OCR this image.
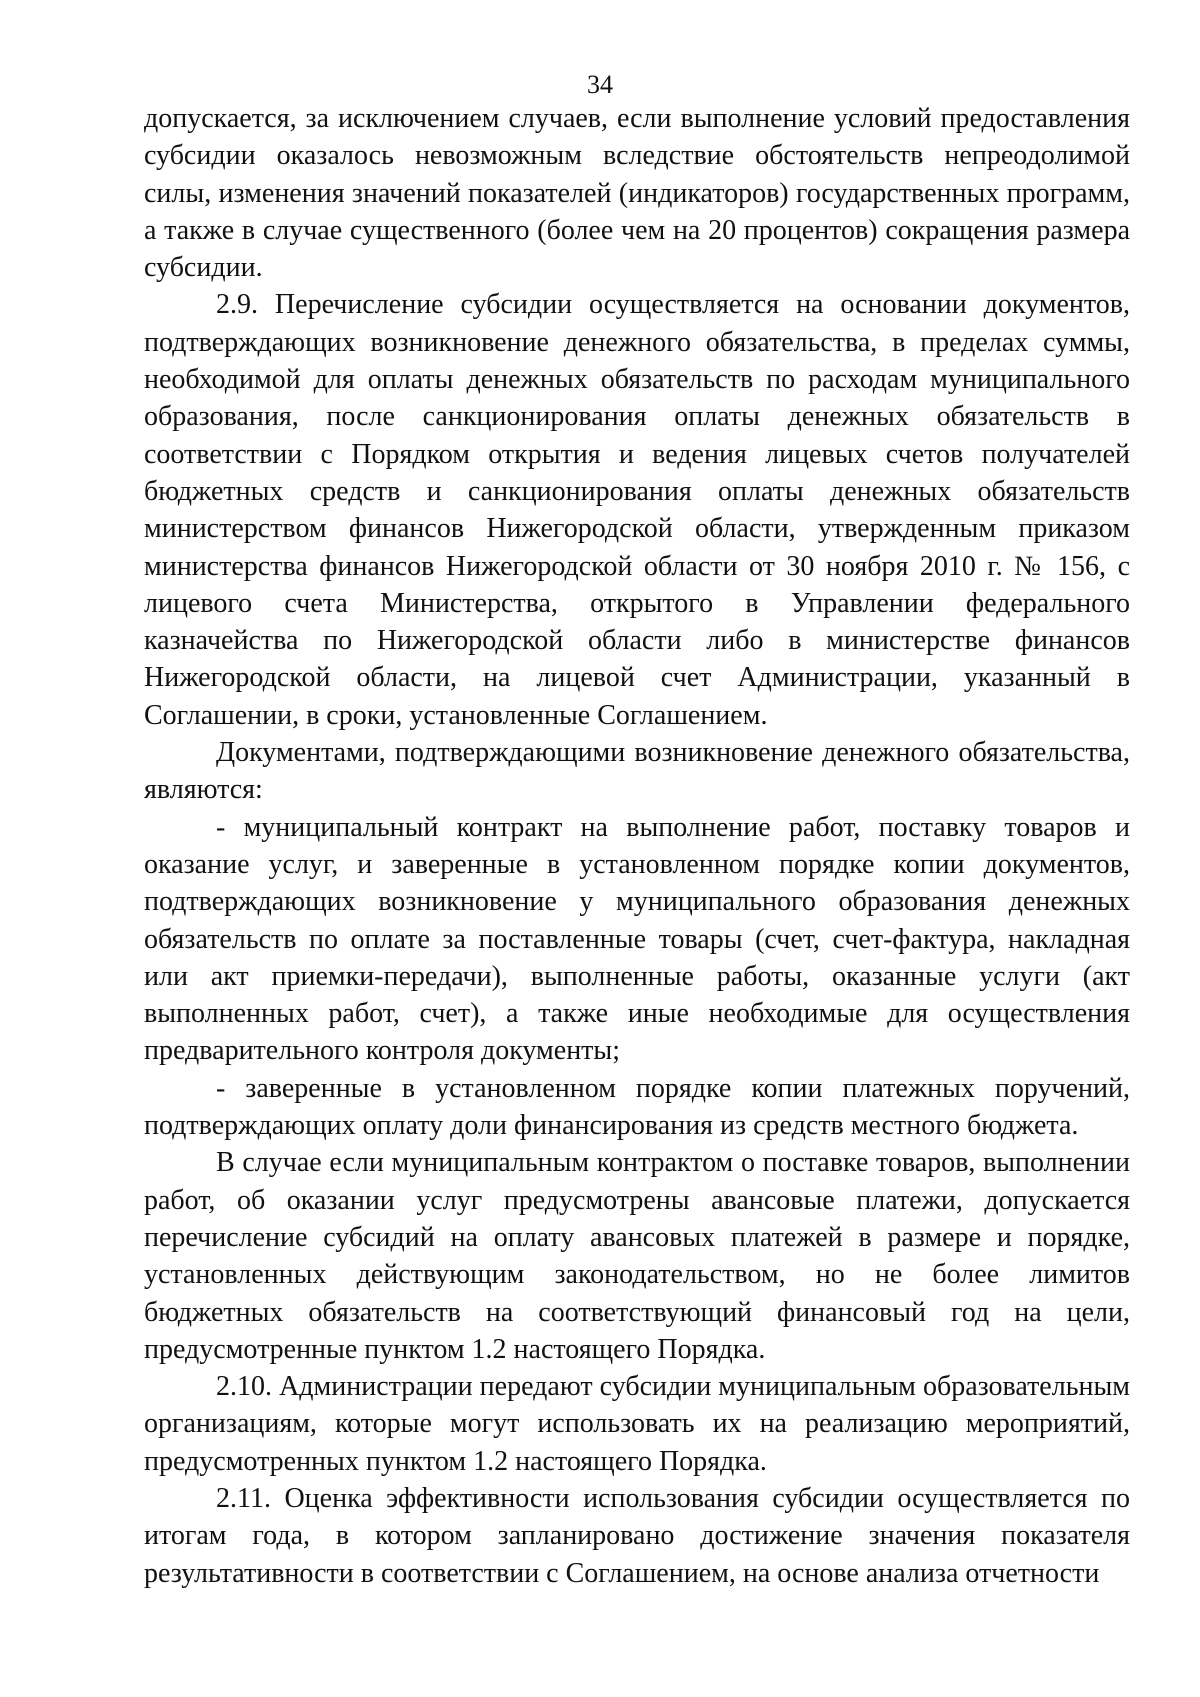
34

допускается, за исключением случаев, если выполнение условий предоставления субсидии оказалось невозможным вследствие обстоятельств непреодолимой силы, изменения значений показателей (индикаторов) государственных программ, а также в случае существенного (более чем на 20 процентов) сокращения размера субсидии.

2.9. Перечисление субсидии осуществляется на основании документов, подтверждающих возникновение денежного обязательства, в пределах суммы, необходимой для оплаты денежных обязательств по расходам муниципального образования, после санкционирования оплаты денежных обязательств в соответствии с Порядком открытия и ведения лицевых счетов получателей бюджетных средств и санкционирования оплаты денежных обязательств министерством финансов Нижегородской области, утвержденным приказом министерства финансов Нижегородской области от 30 ноября 2010 г. № 156, с лицевого счета Министерства, открытого в Управлении федерального казначейства по Нижегородской области либо в министерстве финансов Нижегородской области, на лицевой счет Администрации, указанный в Соглашении, в сроки, установленные Соглашением.

Документами, подтверждающими возникновение денежного обязательства, являются:

- муниципальный контракт на выполнение работ, поставку товаров и оказание услуг, и заверенные в установленном порядке копии документов, подтверждающих возникновение у муниципального образования денежных обязательств по оплате за поставленные товары (счет, счет-фактура, накладная или акт приемки-передачи), выполненные работы, оказанные услуги (акт выполненных работ, счет), а также иные необходимые для осуществления предварительного контроля документы;

- заверенные в установленном порядке копии платежных поручений, подтверждающих оплату доли финансирования из средств местного бюджета.

В случае если муниципальным контрактом о поставке товаров, выполнении работ, об оказании услуг предусмотрены авансовые платежи, допускается перечисление субсидий на оплату авансовых платежей в размере и порядке, установленных действующим законодательством, но не более лимитов бюджетных обязательств на соответствующий финансовый год на цели, предусмотренные пунктом 1.2 настоящего Порядка.

2.10. Администрации передают субсидии муниципальным образовательным организациям, которые могут использовать их на реализацию мероприятий, предусмотренных пунктом 1.2 настоящего Порядка.

2.11. Оценка эффективности использования субсидии осуществляется по итогам года, в котором запланировано достижение значения показателя результативности в соответствии с Соглашением, на основе анализа отчетности
